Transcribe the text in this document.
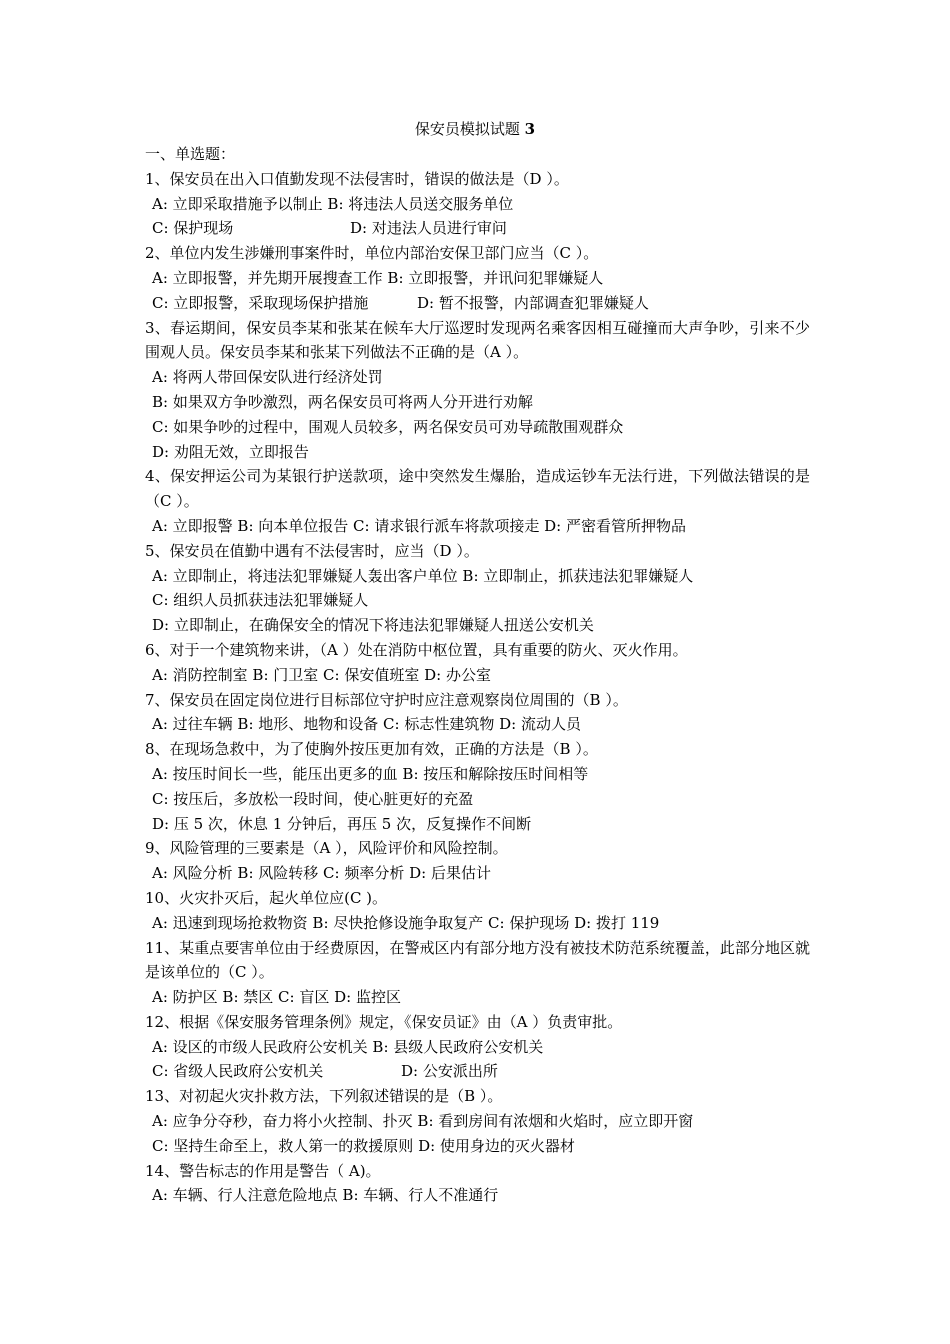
保安员模拟试题 3
一、单选题：
1、保安员在出入口值勤发现不法侵害时，错误的做法是（D ）。
A: 立即采取措施予以制止 B: 将违法人员送交服务单位
C: 保护现场	D: 对违法人员进行审问
2、单位内发生涉嫌刑事案件时，单位内部治安保卫部门应当（C ）。
A: 立即报警，并先期开展搜查工作 B: 立即报警，并讯问犯罪嫌疑人
C: 立即报警，采取现场保护措施	D: 暂不报警，内部调查犯罪嫌疑人
3、春运期间，保安员李某和张某在候车大厅巡逻时发现两名乘客因相互碰撞而大声争吵，引来不少围观人员。保安员李某和张某下列做法不正确的是（A ）。
A: 将两人带回保安队进行经济处罚
B: 如果双方争吵激烈，两名保安员可将两人分开进行劝解
C: 如果争吵的过程中，围观人员较多，两名保安员可劝导疏散围观群众
D: 劝阻无效，立即报告
4、保安押运公司为某银行护送款项，途中突然发生爆胎，造成运钞车无法行进，下列做法错误的是（C ）。
A: 立即报警 B: 向本单位报告 C: 请求银行派车将款项接走 D: 严密看管所押物品
5、保安员在值勤中遇有不法侵害时，应当（D ）。
A: 立即制止，将违法犯罪嫌疑人轰出客户单位 B: 立即制止，抓获违法犯罪嫌疑人
C: 组织人员抓获违法犯罪嫌疑人
D: 立即制止，在确保安全的情况下将违法犯罪嫌疑人扭送公安机关
6、对于一个建筑物来讲，（A ）处在消防中枢位置，具有重要的防火、灭火作用。
A: 消防控制室 B: 门卫室 C: 保安值班室 D: 办公室
7、保安员在固定岗位进行目标部位守护时应注意观察岗位周围的（B ）。
A: 过往车辆 B: 地形、地物和设备 C: 标志性建筑物 D: 流动人员
8、在现场急救中，为了使胸外按压更加有效，正确的方法是（B ）。
A: 按压时间长一些，能压出更多的血 B: 按压和解除按压时间相等
C: 按压后，多放松一段时间，使心脏更好的充盈
D: 压 5 次，休息 1 分钟后，再压 5 次，反复操作不间断
9、风险管理的三要素是（A ），风险评价和风险控制。
A: 风险分析 B: 风险转移 C: 频率分析 D: 后果估计
10、火灾扑灭后，起火单位应(C )。
A: 迅速到现场抢救物资 B: 尽快抢修设施争取复产 C: 保护现场 D: 拨打 119
11、某重点要害单位由于经费原因，在警戒区内有部分地方没有被技术防范系统覆盖，此部分地区就是该单位的（C ）。
A: 防护区 B: 禁区 C: 盲区 D: 监控区
12、根据《保安服务管理条例》规定，《保安员证》由（A ）负责审批。
A: 设区的市级人民政府公安机关 B: 县级人民政府公安机关
C: 省级人民政府公安机关	D: 公安派出所
13、对初起火灾扑救方法，下列叙述错误的是（B ）。
A: 应争分夺秒，奋力将小火控制、扑灭 B: 看到房间有浓烟和火焰时，应立即开窗
C: 坚持生命至上，救人第一的救援原则 D: 使用身边的灭火器材
14、警告标志的作用是警告（ A)。
A: 车辆、行人注意危险地点 B: 车辆、行人不准通行
